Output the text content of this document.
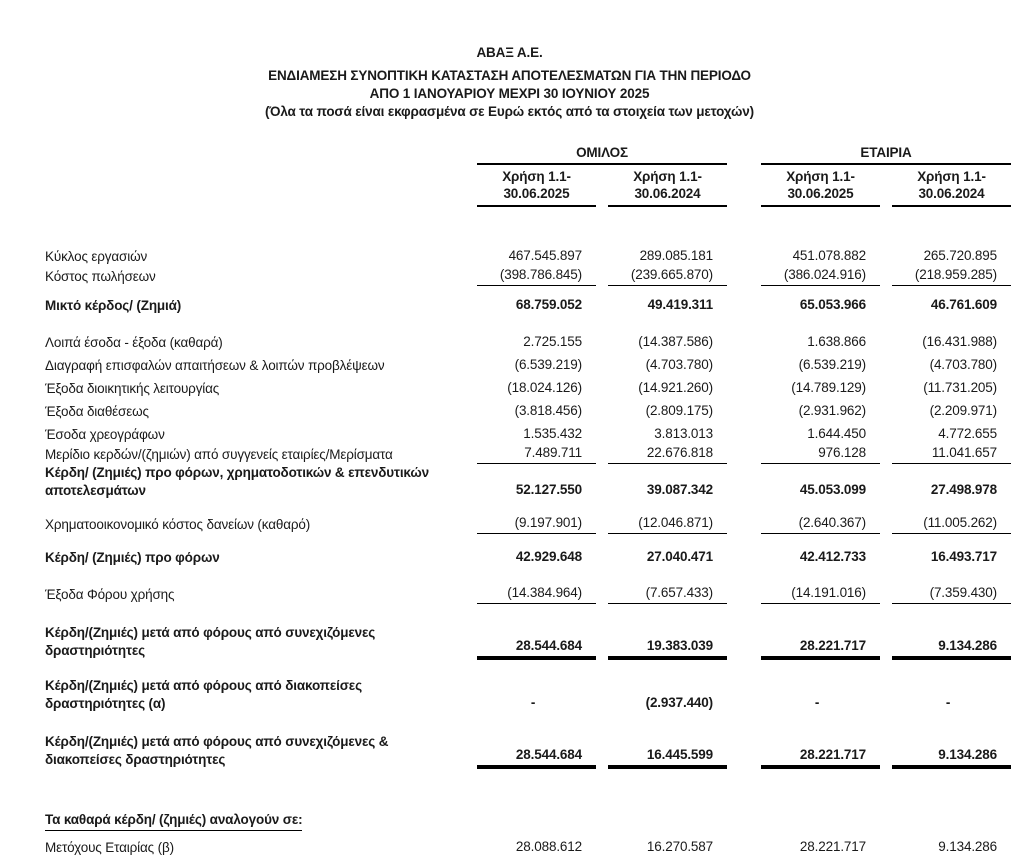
ΑΒΑΞ Α.Ε.
ΕΝΔΙΑΜΕΣΗ ΣΥΝΟΠΤΙΚΗ ΚΑΤΑΣΤΑΣΗ ΑΠΟΤΕΛΕΣΜΑΤΩΝ ΓΙΑ ΤΗΝ ΠΕΡΙΟΔΟ
ΑΠΟ 1 ΙΑΝΟΥΑΡΙΟΥ ΜΕΧΡΙ 30 ΙΟΥΝΙΟΥ 2025
(Όλα τα ποσά είναι εκφρασμένα σε Ευρώ εκτός από τα στοιχεία των μετοχών)
ΟΜΙΛΟΣ	ΕΤΑΙΡΙΑ
Χρήση 1.1-
30.06.2025
Χρήση 1.1-
30.06.2024
Χρήση 1.1-
30.06.2025
Χρήση 1.1-
30.06.2024
Κύκλος εργασιών	467.545.897	289.085.181	451.078.882	265.720.895
Κόστος πωλήσεων	(398.786.845)	(239.665.870)	(386.024.916)	(218.959.285)
Μικτό κέρδος/ (Ζημιά)	68.759.052	49.419.311	65.053.966	46.761.609
Λοιπά έσοδα - έξοδα (καθαρά)	2.725.155	(14.387.586)	1.638.866	(16.431.988)
Διαγραφή επισφαλών απαιτήσεων & λοιπών προβλέψεων	(6.539.219)	(4.703.780)	(6.539.219)	(4.703.780)
Έξοδα διοικητικής λειτουργίας	(18.024.126)	(14.921.260)	(14.789.129)	(11.731.205)
Έξοδα διαθέσεως	(3.818.456)	(2.809.175)	(2.931.962)	(2.209.971)
Έσοδα χρεογράφων	1.535.432	3.813.013	1.644.450	4.772.655
Μερίδιο κερδών/(ζημιών) από συγγενείς εταιρίες/Μερίσματα	7.489.711	22.676.818	976.128	11.041.657
Κέρδη/ (Ζημιές) προ φόρων, χρηματοδοτικών & επενδυτικών
αποτελεσμάτων	52.127.550	39.087.342	45.053.099	27.498.978
Χρηματοοικονομικό κόστος δανείων (καθαρό)	(9.197.901)	(12.046.871)	(2.640.367)	(11.005.262)
Κέρδη/ (Ζημιές) προ φόρων	42.929.648	27.040.471	42.412.733	16.493.717
Έξοδα Φόρου χρήσης	(14.384.964)	(7.657.433)	(14.191.016)	(7.359.430)
Κέρδη/(Ζημιές) μετά από φόρους από συνεχιζόμενες
δραστηριότητες	28.544.684	19.383.039	28.221.717	9.134.286
Κέρδη/(Ζημιές) μετά από φόρους από διακοπείσες
δραστηριότητες (α)	-	(2.937.440)	-	-
Κέρδη/(Ζημιές) μετά από φόρους από συνεχιζόμενες &
διακοπείσες δραστηριότητες	28.544.684	16.445.599	28.221.717	9.134.286
Τα καθαρά κέρδη/ (ζημιές) αναλογούν σε:
Μετόχους Εταιρίας (β)	28.088.612	16.270.587	28.221.717	9.134.286
